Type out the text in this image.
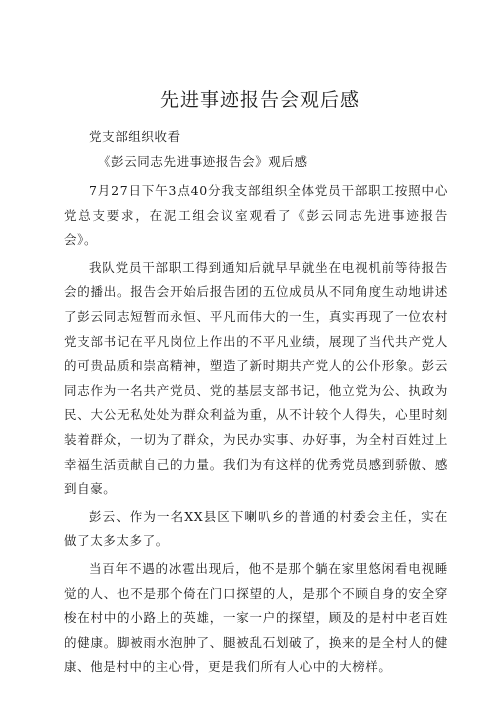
先进事迹报告会观后感

党支部组织收看

《彭云同志先进事迹报告会》观后感

7月27日下午3点40分我支部组织全体党员干部职工按照中心党总支要求，在泥工组会议室观看了《彭云同志先进事迹报告会》。

我队党员干部职工得到通知后就早早就坐在电视机前等待报告会的播出。报告会开始后报告团的五位成员从不同角度生动地讲述了彭云同志短暂而永恒、平凡而伟大的一生，真实再现了一位农村党支部书记在平凡岗位上作出的不平凡业绩，展现了当代共产党人的可贵品质和崇高精神，塑造了新时期共产党人的公仆形象。彭云同志作为一名共产党员、党的基层支部书记，他立党为公、执政为民、大公无私处处为群众利益为重，从不计较个人得失，心里时刻装着群众，一切为了群众，为民办实事、办好事，为全村百姓过上幸福生活贡献自己的力量。我们为有这样的优秀党员感到骄傲、感到自豪。

彭云、作为一名XX县区下喇叭乡的普通的村委会主任，实在做了太多太多了。

当百年不遇的冰雹出现后，他不是那个躺在家里悠闲看电视睡觉的人、也不是那个倚在门口探望的人，是那个不顾自身的安全穿梭在村中的小路上的英雄，一家一户的探望，顾及的是村中老百姓的健康。脚被雨水泡肿了、腿被乱石划破了，换来的是全村人的健康、他是村中的主心骨，更是我们所有人心中的大榜样。
